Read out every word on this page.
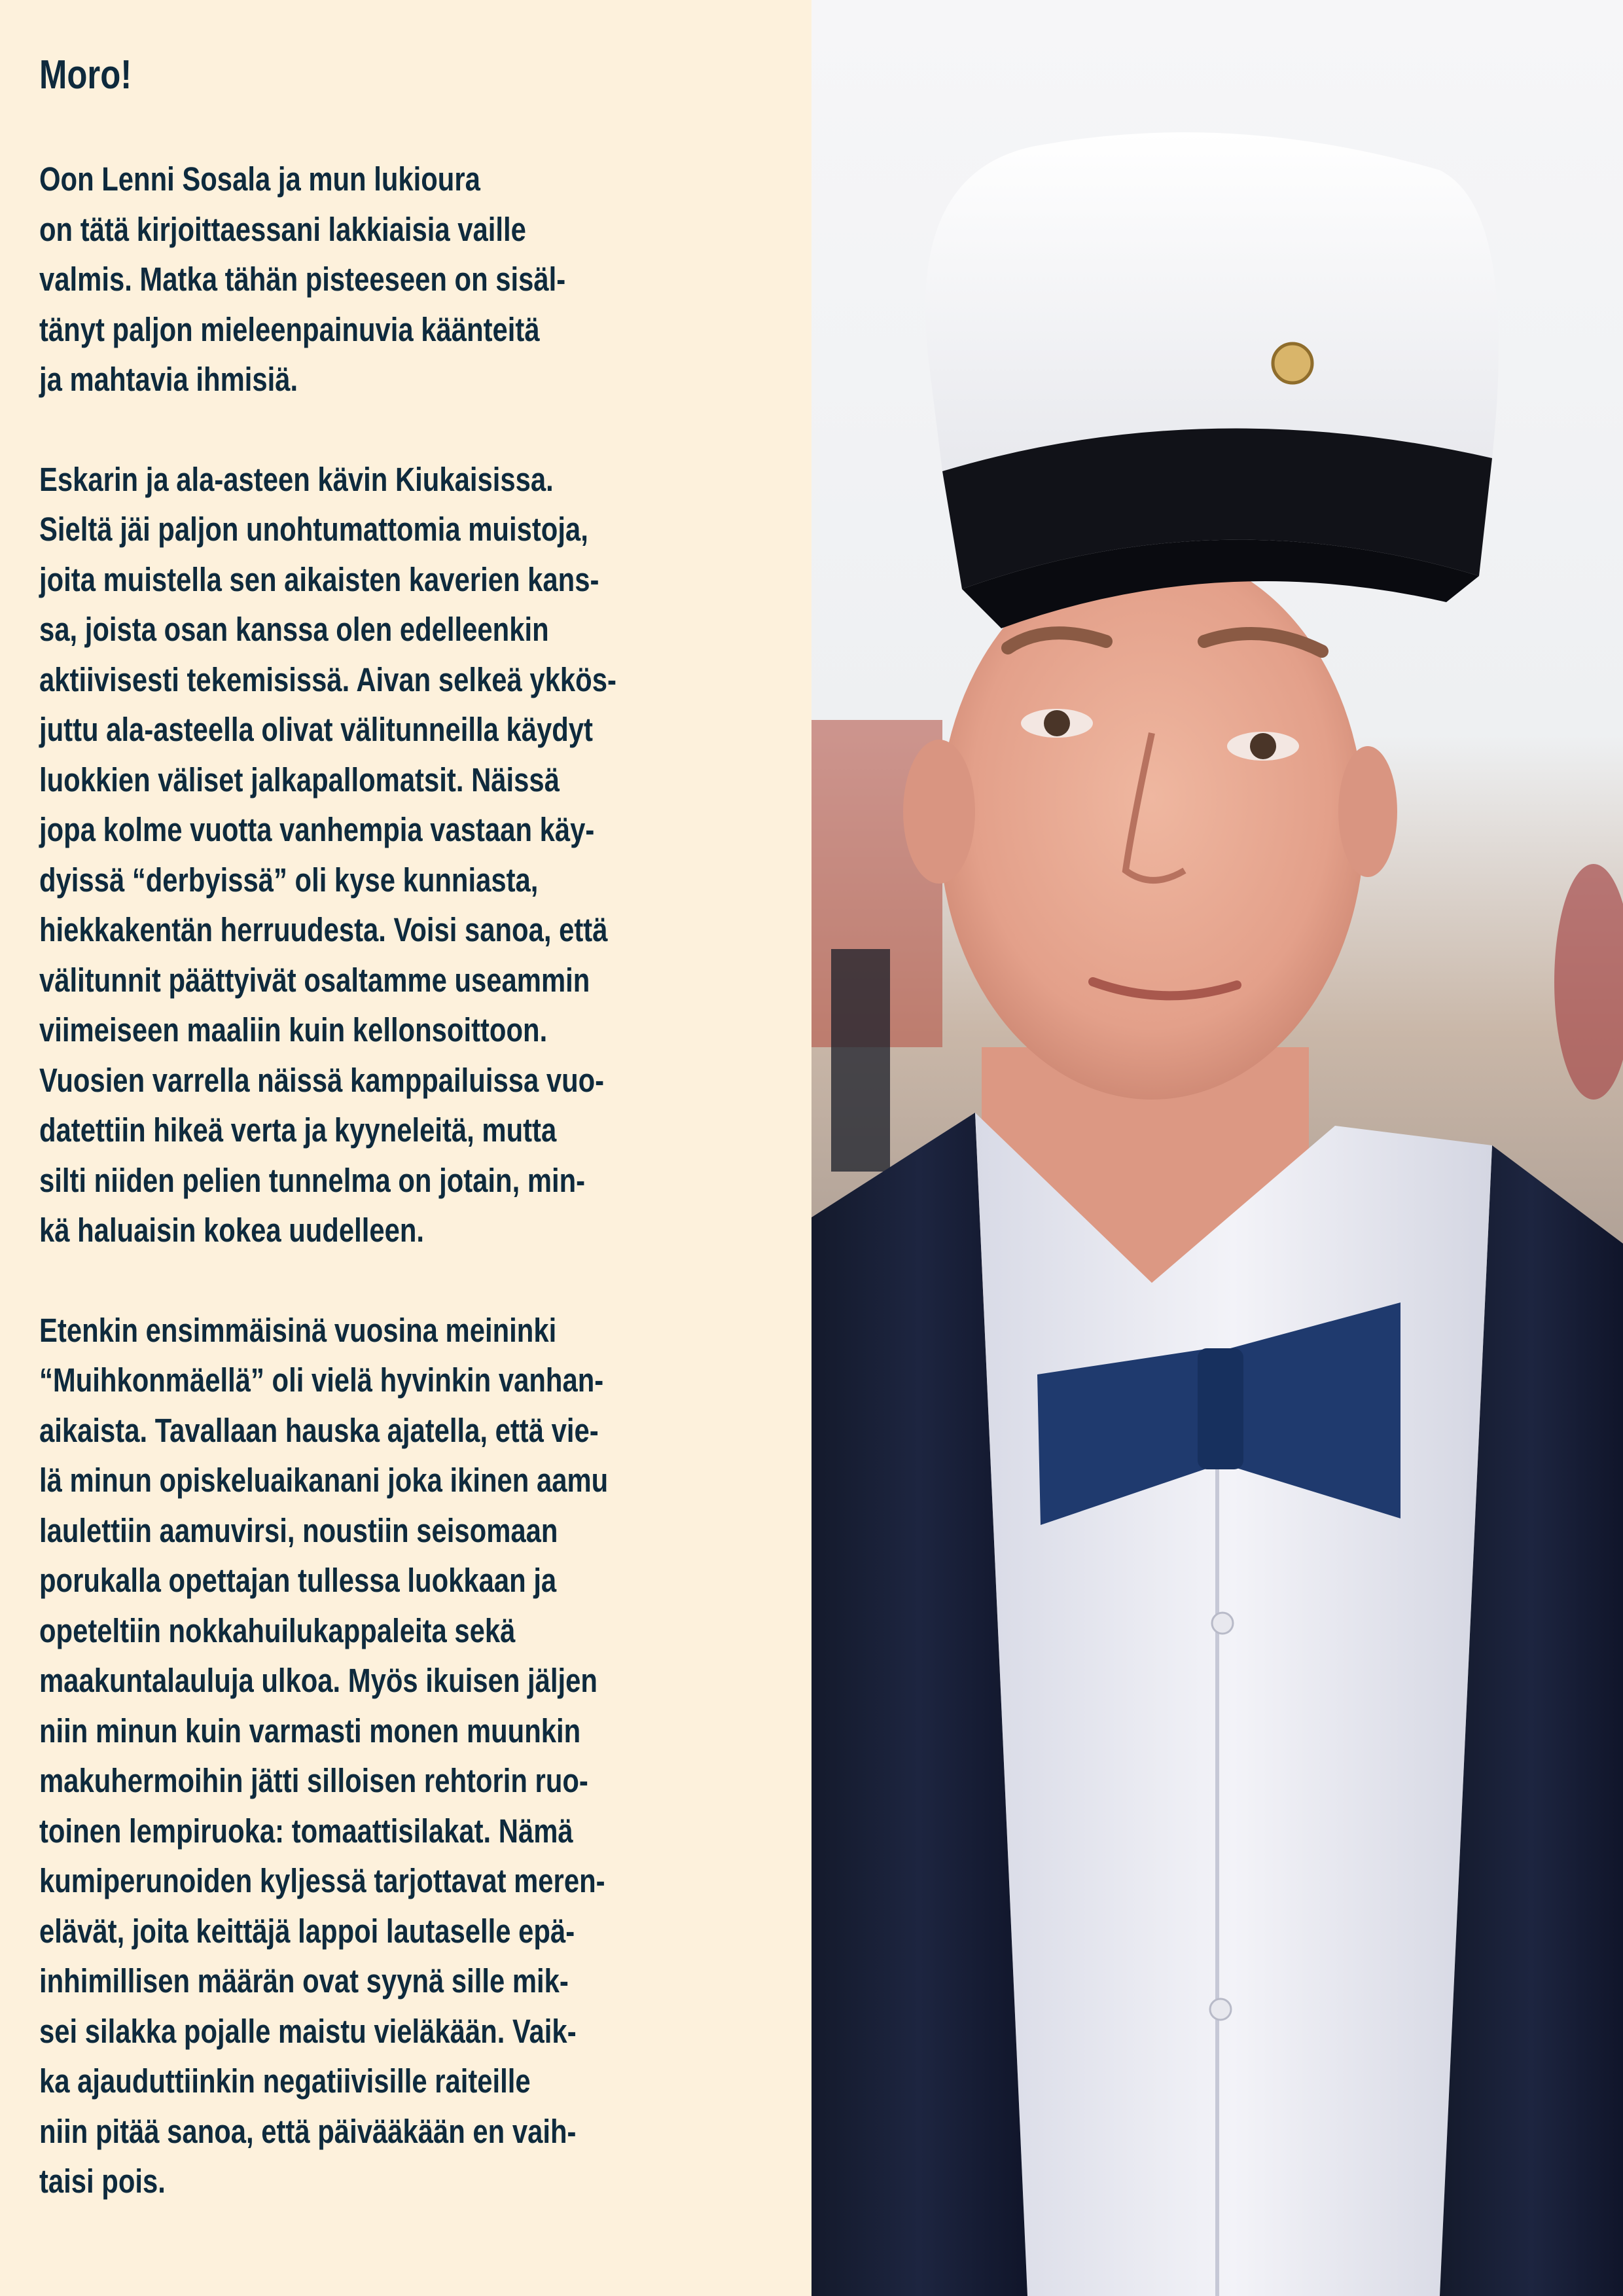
Moro!

Oon Lenni Sosala ja mun lukioura
on tätä kirjoittaessani lakkiaisia vaille
valmis. Matka tähän pisteeseen on sisäl-
tänyt paljon mieleenpainuvia käänteitä
ja mahtavia ihmisiä.

Eskarin ja ala-asteen kävin Kiukaisissa.
Sieltä jäi paljon unohtumattomia muistoja,
joita muistella sen aikaisten kaverien kans-
sa, joista osan kanssa olen edelleenkin
aktiivisesti tekemisissä. Aivan selkeä ykkös-
juttu ala-asteella olivat välitunneilla käydyt
luokkien väliset jalkapallomatsit. Näissä
jopa kolme vuotta vanhempia vastaan käy-
dyissä “derbyissä” oli kyse kunniasta,
hiekkakentän herruudesta. Voisi sanoa, että
välitunnit päättyivät osaltamme useammin
viimeiseen maaliin kuin kellonsoittoon.
Vuosien varrella näissä kamppailuissa vuo-
datettiin hikeä verta ja kyyneleitä, mutta
silti niiden pelien tunnelma on jotain, min-
kä haluaisin kokea uudelleen.

Etenkin ensimmäisinä vuosina meininki
“Muihkonmäellä” oli vielä hyvinkin vanhan-
aikaista. Tavallaan hauska ajatella, että vie-
lä minun opiskeluaikanani joka ikinen aamu
laulettiin aamuvirsi, noustiin seisomaan
porukalla opettajan tullessa luokkaan ja
opeteltiin nokkahuilukappaleita sekä
maakuntalauluja ulkoa. Myös ikuisen jäljen
niin minun kuin varmasti monen muunkin
makuhermoihin jätti silloisen rehtorin ruo-
toinen lempiruoka: tomaattisilakat. Nämä
kumiperunoiden kyljessä tarjottavat meren-
elävät, joita keittäjä lappoi lautaselle epä-
inhimillisen määrän ovat syynä sille mik-
sei silakka pojalle maistu vieläkään. Vaik-
ka ajauduttiinkin negatiivisille raiteille
niin pitää sanoa, että päivääkään en vaih-
taisi pois.
